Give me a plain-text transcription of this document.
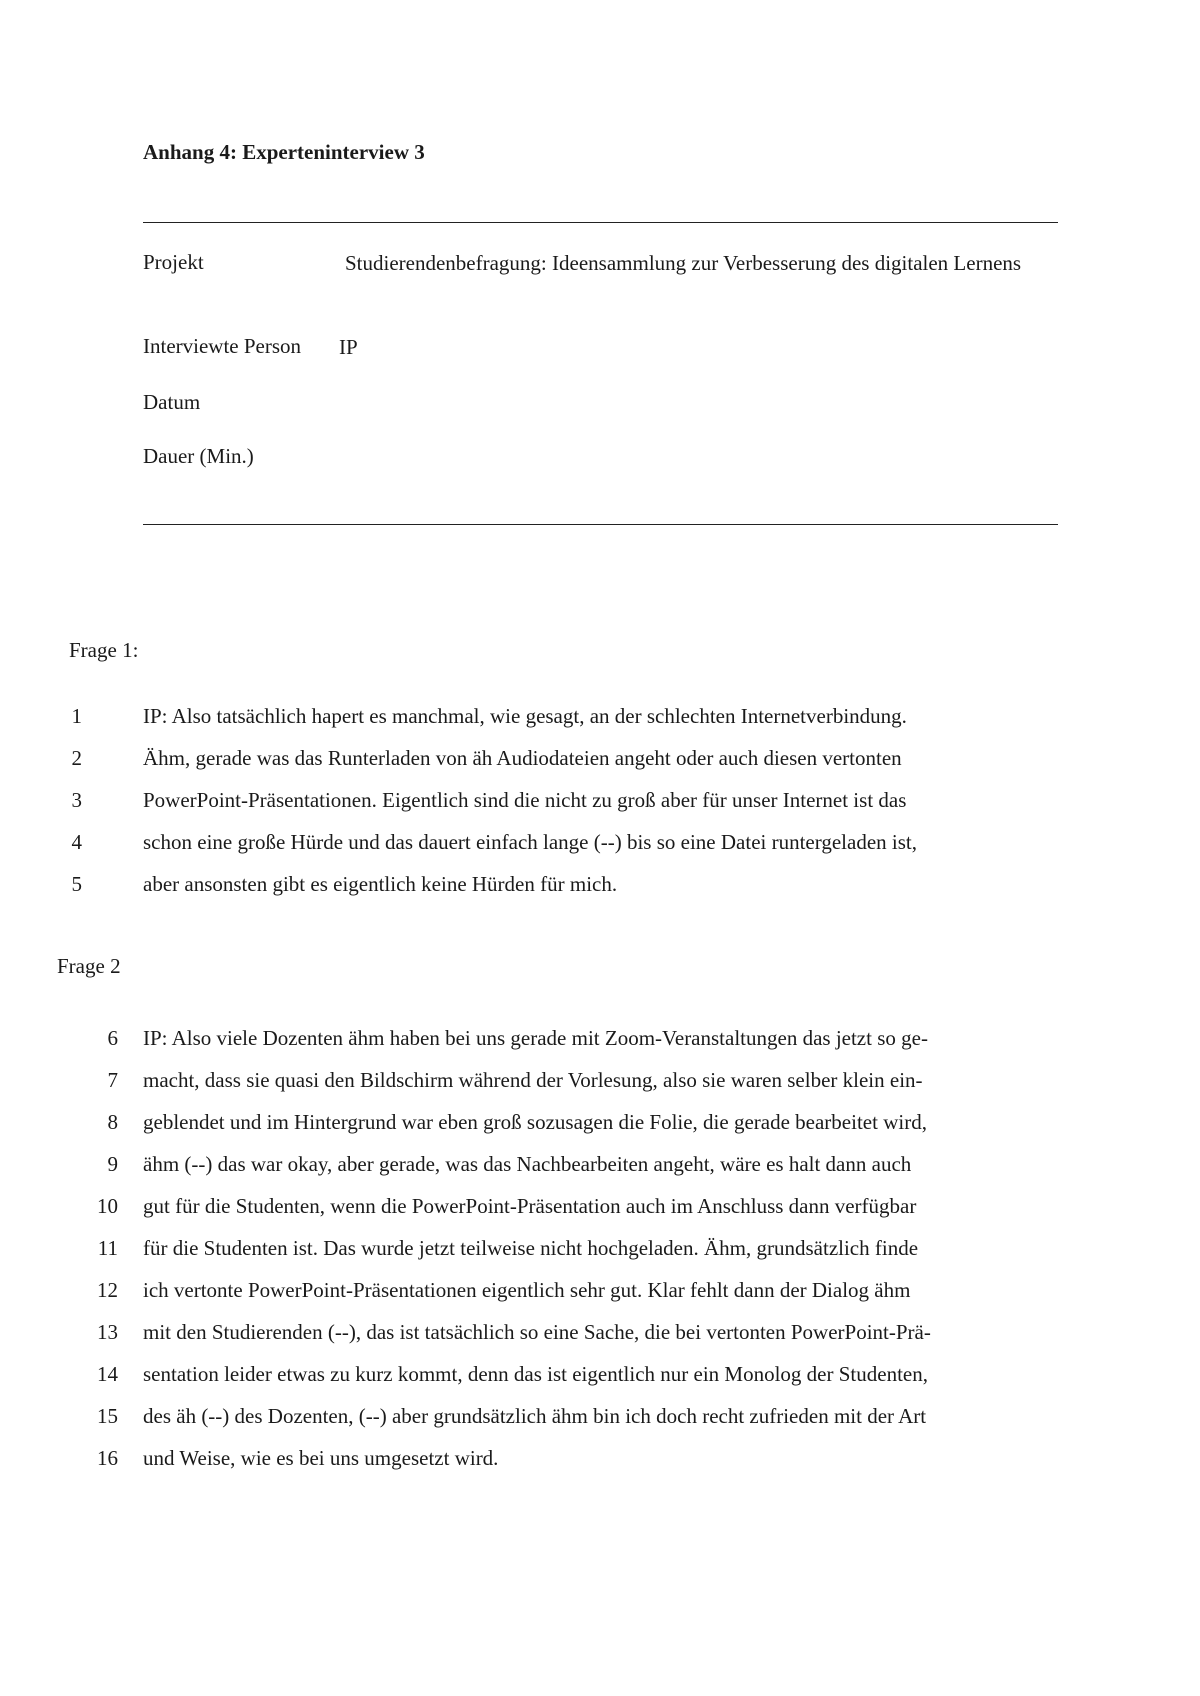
Anhang 4: Experteninterview 3
Projekt	Studierendenbefragung: Ideensammlung zur Verbesserung des digitalen Lernens
Interviewte Person IP
Datum
Dauer (Min.)
Frage 1:
1	IP: Also tatsächlich hapert es manchmal, wie gesagt, an der schlechten Internetverbindung.
2	Ähm, gerade was das Runterladen von äh Audiodateien angeht oder auch diesen vertonten
3	PowerPoint-Präsentationen. Eigentlich sind die nicht zu groß aber für unser Internet ist das
4	schon eine große Hürde und das dauert einfach lange (--) bis so eine Datei runtergeladen ist,
5	aber ansonsten gibt es eigentlich keine Hürden für mich.
Frage 2
6 IP: Also viele Dozenten ähm haben bei uns gerade mit Zoom-Veranstaltungen das jetzt so ge-
7 macht, dass sie quasi den Bildschirm während der Vorlesung, also sie waren selber klein ein-
8 geblendet und im Hintergrund war eben groß sozusagen die Folie, die gerade bearbeitet wird,
9 ähm (--) das war okay, aber gerade, was das Nachbearbeiten angeht, wäre es halt dann auch
10 gut für die Studenten, wenn die PowerPoint-Präsentation auch im Anschluss dann verfügbar
11 für die Studenten ist. Das wurde jetzt teilweise nicht hochgeladen. Ähm, grundsätzlich finde
12 ich vertonte PowerPoint-Präsentationen eigentlich sehr gut. Klar fehlt dann der Dialog ähm
13 mit den Studierenden (--), das ist tatsächlich so eine Sache, die bei vertonten PowerPoint-Prä-
14 sentation leider etwas zu kurz kommt, denn das ist eigentlich nur ein Monolog der Studenten,
15 des äh (--) des Dozenten, (--) aber grundsätzlich ähm bin ich doch recht zufrieden mit der Art
16 und Weise, wie es bei uns umgesetzt wird.
